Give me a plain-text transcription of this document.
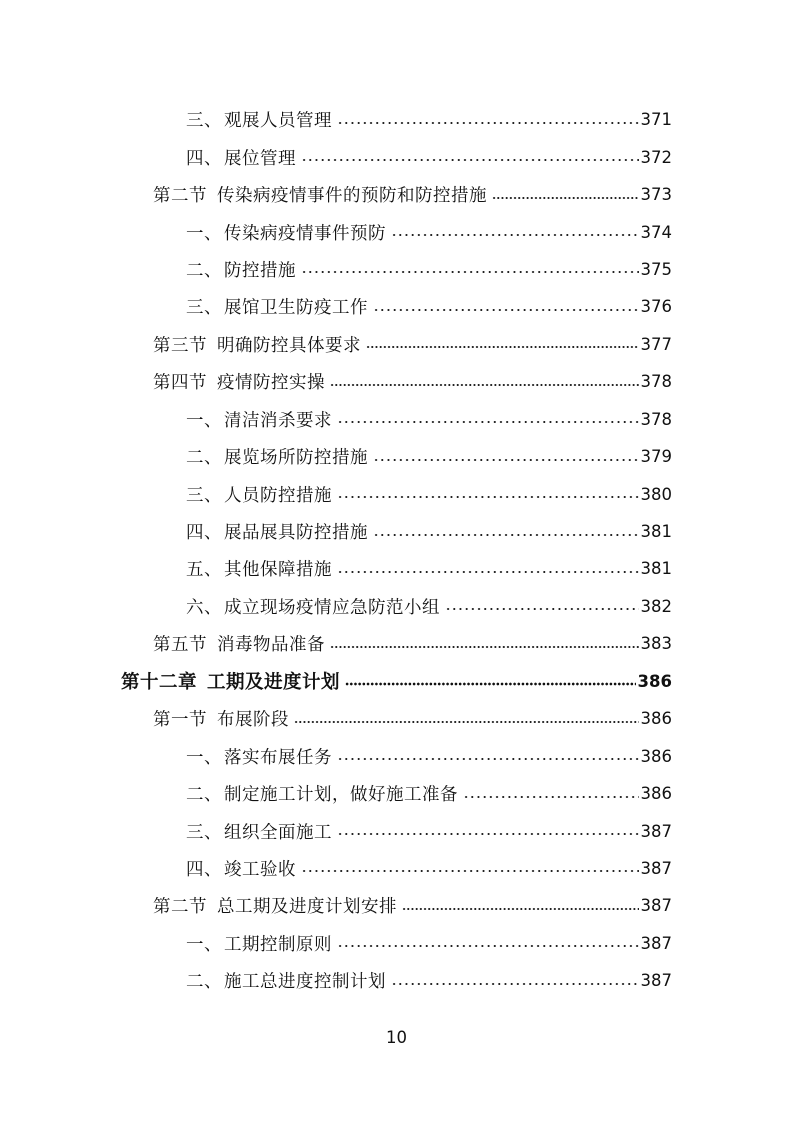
三、 观展人员管理	371
四、 展位管理	372
第二节 传染病疫情事件的预防和防控措施	373
一、 传染病疫情事件预防	374
二、 防控措施	375
三、 展馆卫生防疫工作	376
第三节 明确防控具体要求	377
第四节 疫情防控实操	378
一、 清洁消杀要求	378
二、 展览场所防控措施	379
三、 人员防控措施	380
四、 展品展具防控措施	381
五、 其他保障措施	381
六、 成立现场疫情应急防范小组	382
第五节 消毒物品准备	383
第十二章 工期及进度计划	386
第一节 布展阶段	386
一、 落实布展任务	386
二、 制定施工计划，做好施工准备	386
三、 组织全面施工	387
四、 竣工验收	387
第二节 总工期及进度计划安排	387
一、 工期控制原则	387
二、 施工总进度控制计划	387
10
